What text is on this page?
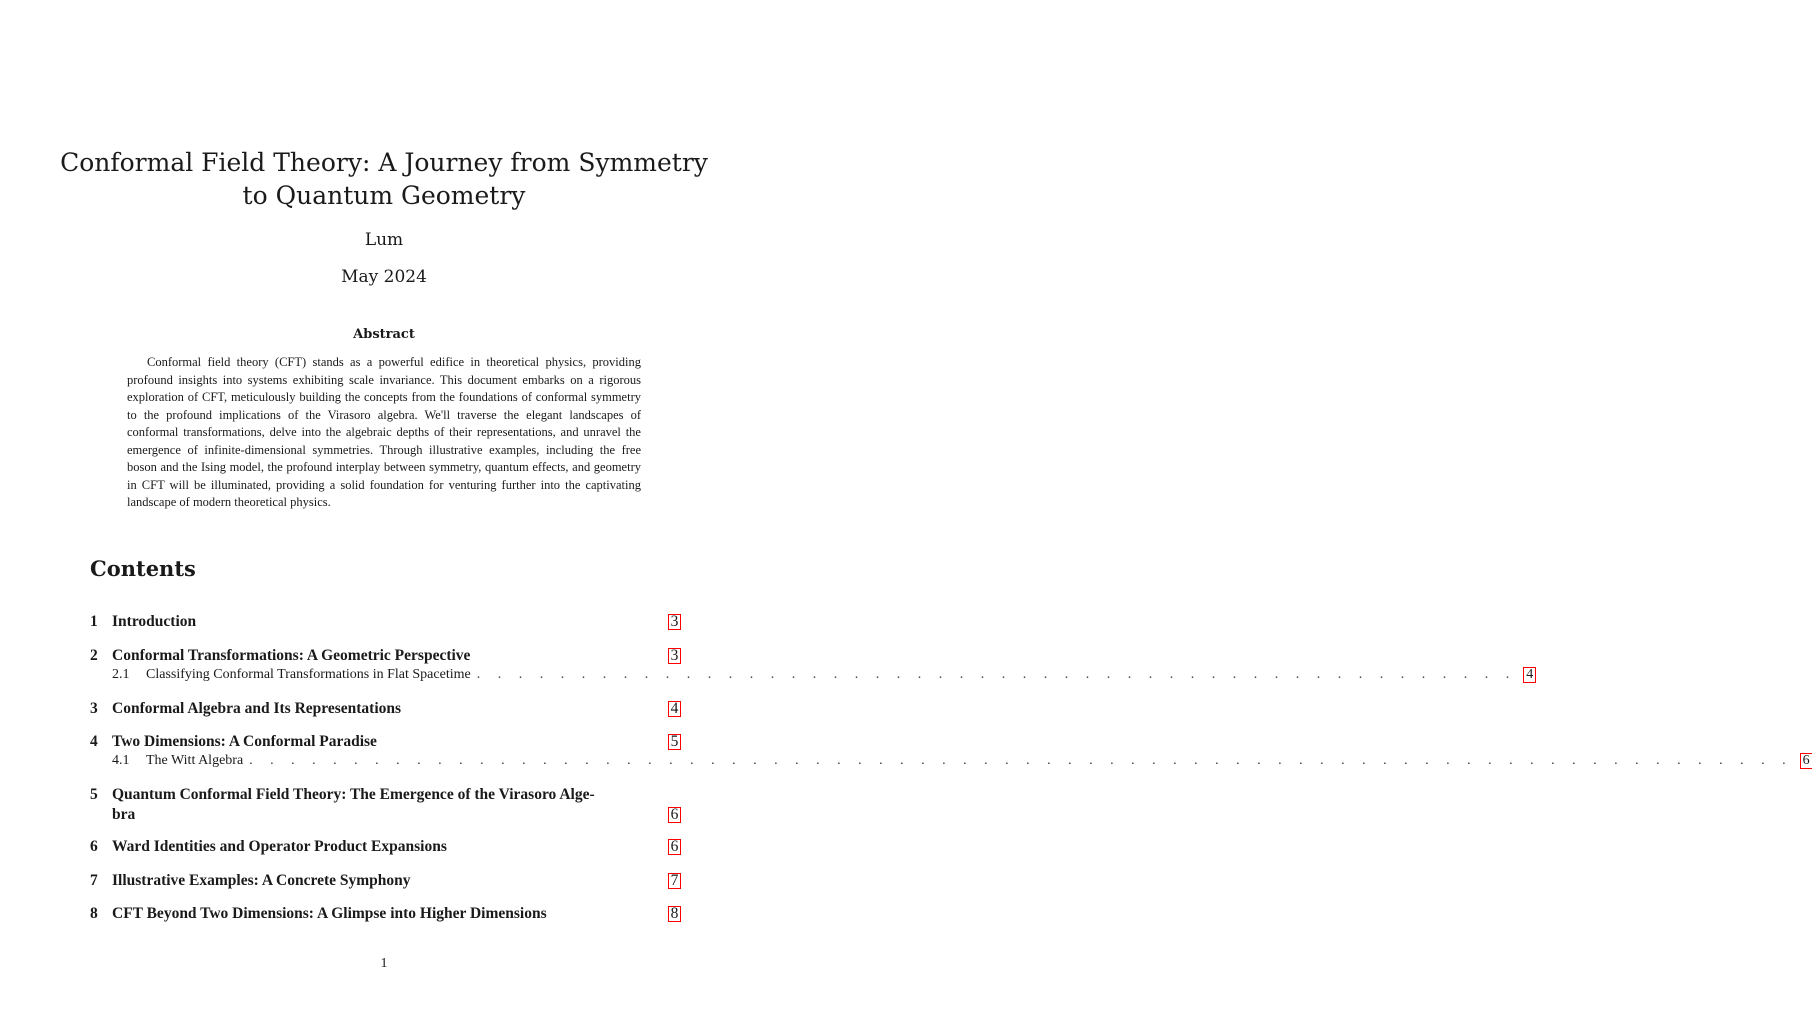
Conformal Field Theory: A Journey from Symmetry to Quantum Geometry
Lum
May 2024
Abstract
Conformal field theory (CFT) stands as a powerful edifice in theoretical physics, providing profound insights into systems exhibiting scale invariance. This document embarks on a rigorous exploration of CFT, meticulously building the concepts from the foundations of conformal symmetry to the profound implications of the Virasoro algebra. We'll traverse the elegant landscapes of conformal transformations, delve into the algebraic depths of their representations, and unravel the emergence of infinite-dimensional symmetries. Through illustrative examples, including the free boson and the Ising model, the profound interplay between symmetry, quantum effects, and geometry in CFT will be illuminated, providing a solid foundation for venturing further into the captivating landscape of modern theoretical physics.
Contents
1 Introduction	3
2 Conformal Transformations: A Geometric Perspective	3
2.1	Classifying Conformal Transformations in Flat Spacetime . . . . . . . . . . . . . . . . . . . . . . . . . . . . . . . . . . . . . . . . . . . . . . . . . . 4
3 Conformal Algebra and Its Representations	4
4 Two Dimensions: A Conformal Paradise	5
4.1	The Witt Algebra . . . . . . . . . . . . . . . . . . . . . . . . . . . . . . . . . . . . . . . . . . . . . . . . . . . . . . . . . . . . . . . . . . . . . . . . . . 6
5 Quantum Conformal Field Theory: The Emergence of the Virasoro Alge-
bra	6
6 Ward Identities and Operator Product Expansions	6
7 Illustrative Examples: A Concrete Symphony	7
8 CFT Beyond Two Dimensions: A Glimpse into Higher Dimensions	8
1
